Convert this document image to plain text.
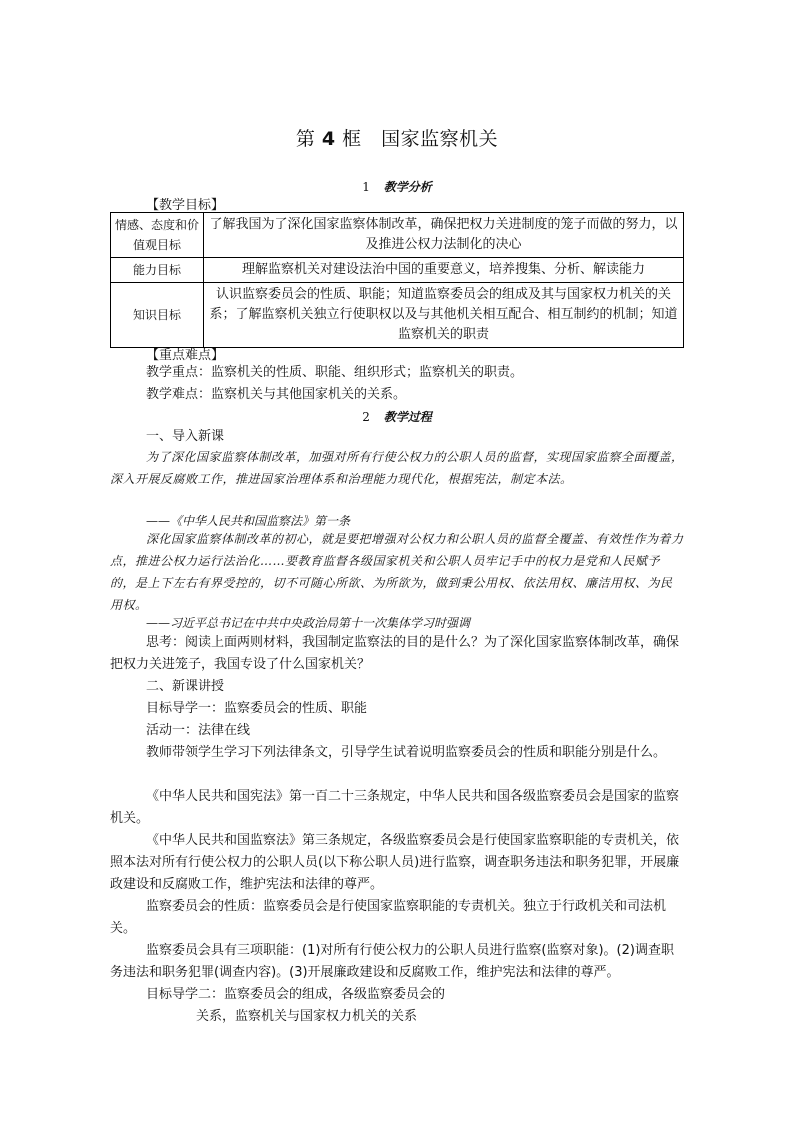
第 4 框　国家监察机关
1 教学分析
【教学目标】
情感、态度和价值观目标	了解我国为了深化国家监察体制改革，确保把权力关进制度的笼子而做的努力，以及推进公权力法制化的决心
能力目标	理解监察机关对建设法治中国的重要意义，培养搜集、分析、解读能力
知识目标	认识监察委员会的性质、职能；知道监察委员会的组成及其与国家权力机关的关系；了解监察机关独立行使职权以及与其他机关相互配合、相互制约的机制；知道监察机关的职责
【重点难点】

教学重点：监察机关的性质、职能、组织形式；监察机关的职责。

教学难点：监察机关与其他国家机关的关系。

2 教学过程

一、导入新课

为了深化国家监察体制改革，加强对所有行使公权力的公职人员的监督，实现国家监察全面覆盖，深入开展反腐败工作，推进国家治理体系和治理能力现代化，根据宪法，制定本法。

——《中华人民共和国监察法》第一条

深化国家监察体制改革的初心，就是要把增强对公权力和公职人员的监督全覆盖、有效性作为着力点，推进公权力运行法治化……要教育监督各级国家机关和公职人员牢记手中的权力是党和人民赋予的，是上下左右有界受控的，切不可随心所欲、为所欲为，做到秉公用权、依法用权、廉洁用权、为民用权。

——习近平总书记在中共中央政治局第十一次集体学习时强调

思考：阅读上面两则材料，我国制定监察法的目的是什么？为了深化国家监察体制改革，确保把权力关进笼子，我国专设了什么国家机关？

二、新课讲授

目标导学一：监察委员会的性质、职能

活动一：法律在线

教师带领学生学习下列法律条文，引导学生试着说明监察委员会的性质和职能分别是什么。

《中华人民共和国宪法》第一百二十三条规定，中华人民共和国各级监察委员会是国家的监察机关。

《中华人民共和国监察法》第三条规定，各级监察委员会是行使国家监察职能的专责机关，依照本法对所有行使公权力的公职人员(以下称公职人员)进行监察，调查职务违法和职务犯罪，开展廉政建设和反腐败工作，维护宪法和法律的尊严。

监察委员会的性质：监察委员会是行使国家监察职能的专责机关。独立于行政机关和司法机关。

监察委员会具有三项职能：(1)对所有行使公权力的公职人员进行监察(监察对象)。(2)调查职务违法和职务犯罪(调查内容)。(3)开展廉政建设和反腐败工作，维护宪法和法律的尊严。

目标导学二：监察委员会的组成，各级监察委员会的

关系，监察机关与国家权力机关的关系
